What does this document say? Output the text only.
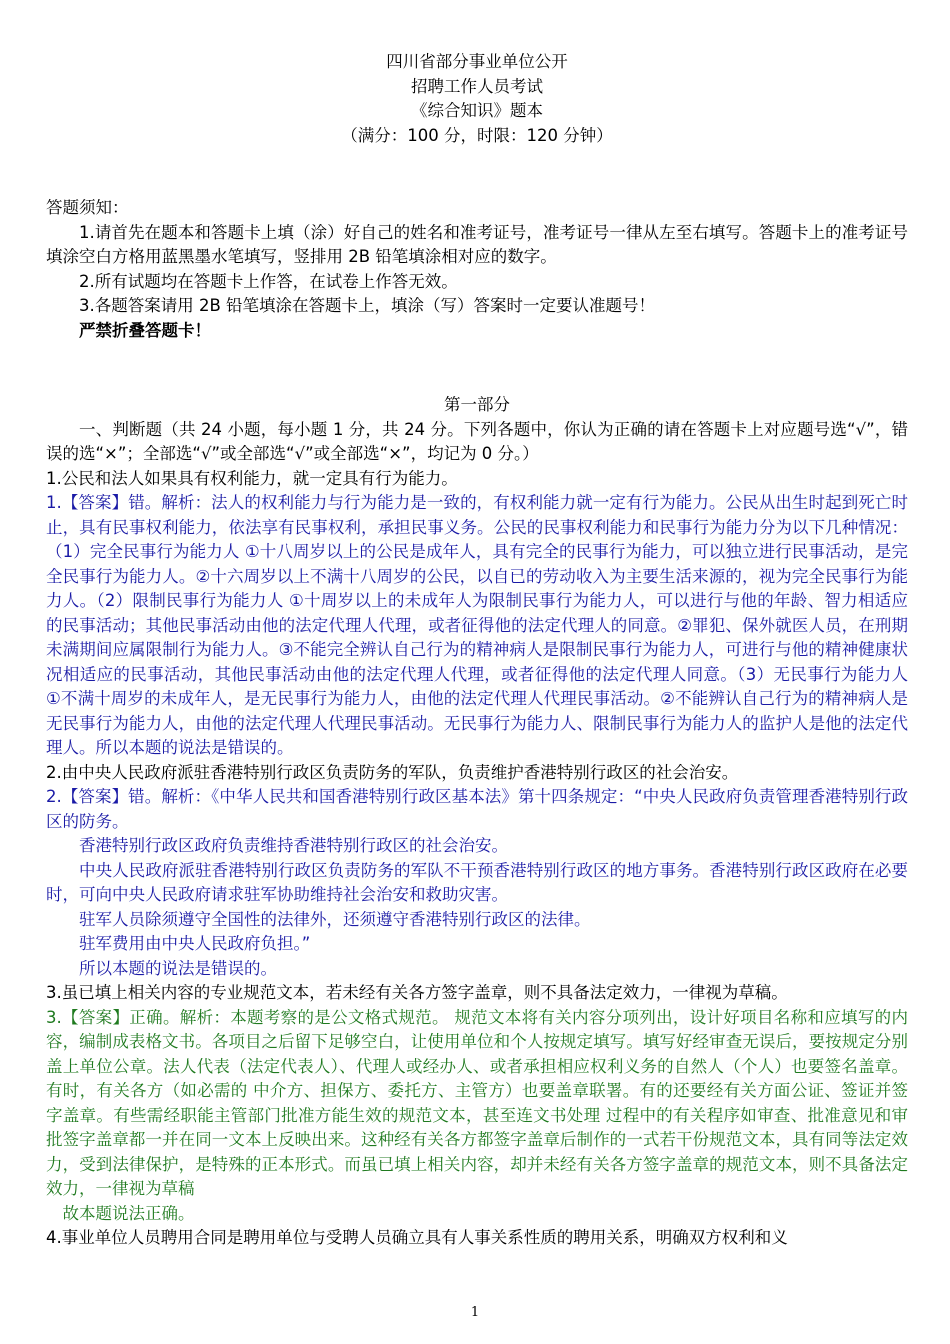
四川省部分事业单位公开
招聘工作人员考试
《综合知识》题本
（满分：100 分，时限：120 分钟）

答题须知：

1.请首先在题本和答题卡上填（涂）好自己的姓名和准考证号，准考证号一律从左至右填写。答题卡上的准考证号填涂空白方格用蓝黑墨水笔填写，竖排用 2B 铅笔填涂相对应的数字。

2.所有试题均在答题卡上作答，在试卷上作答无效。

3.各题答案请用 2B 铅笔填涂在答题卡上，填涂（写）答案时一定要认准题号！

严禁折叠答题卡！

第一部分

一、判断题（共 24 小题，每小题 1 分，共 24 分。下列各题中，你认为正确的请在答题卡上对应题号选“√”，错误的选“×”；全部选“√”或全部选“√”或全部选“×”，均记为 0 分。）

1.公民和法人如果具有权利能力，就一定具有行为能力。

1.【答案】错。解析：法人的权利能力与行为能力是一致的，有权利能力就一定有行为能力。公民从出生时起到死亡时止，具有民事权利能力，依法享有民事权利，承担民事义务。公民的民事权利能力和民事行为能力分为以下几种情况：（1）完全民事行为能力人 ①十八周岁以上的公民是成年人，具有完全的民事行为能力，可以独立进行民事活动，是完全民事行为能力人。②十六周岁以上不满十八周岁的公民，以自已的劳动收入为主要生活来源的，视为完全民事行为能力人。（2）限制民事行为能力人 ①十周岁以上的未成年人为限制民事行为能力人，可以进行与他的年龄、智力相适应的民事活动；其他民事活动由他的法定代理人代理，或者征得他的法定代理人的同意。②罪犯、保外就医人员，在刑期未满期间应属限制行为能力人。③不能完全辨认自己行为的精神病人是限制民事行为能力人，可进行与他的精神健康状况相适应的民事活动，其他民事活动由他的法定代理人代理，或者征得他的法定代理人同意。（3）无民事行为能力人 ①不满十周岁的未成年人，是无民事行为能力人，由他的法定代理人代理民事活动。②不能辨认自己行为的精神病人是无民事行为能力人，由他的法定代理人代理民事活动。无民事行为能力人、限制民事行为能力人的监护人是他的法定代理人。所以本题的说法是错误的。

2.由中央人民政府派驻香港特别行政区负责防务的军队，负责维护香港特别行政区的社会治安。

2.【答案】错。解析：《中华人民共和国香港特别行政区基本法》第十四条规定：“中央人民政府负责管理香港特别行政区的防务。

香港特别行政区政府负责维持香港特别行政区的社会治安。

中央人民政府派驻香港特别行政区负责防务的军队不干预香港特别行政区的地方事务。香港特别行政区政府在必要时，可向中央人民政府请求驻军协助维持社会治安和救助灾害。

驻军人员除须遵守全国性的法律外，还须遵守香港特别行政区的法律。

驻军费用由中央人民政府负担。”

所以本题的说法是错误的。

3.虽已填上相关内容的专业规范文本，若未经有关各方签字盖章，则不具备法定效力，一律视为草稿。

3.【答案】正确。解析：本题考察的是公文格式规范。 规范文本将有关内容分项列出，设计好项目名称和应填写的内容，编制成表格文书。各项目之后留下足够空白，让使用单位和个人按规定填写。填写好经审查无误后，要按规定分别盖上单位公章。法人代表（法定代表人）、代理人或经办人、或者承担相应权利义务的自然人（个人）也要签名盖章。有时，有关各方（如必需的 中介方、担保方、委托方、主管方）也要盖章联署。有的还要经有关方面公证、签证并签字盖章。有些需经职能主管部门批准方能生效的规范文本，甚至连文书处理 过程中的有关程序如审查、批准意见和审批签字盖章都一并在同一文本上反映出来。这种经有关各方都签字盖章后制作的一式若干份规范文本，具有同等法定效力，受到法律保护，是特殊的正本形式。而虽已填上相关内容，却并未经有关各方签字盖章的规范文本，则不具备法定效力，一律视为草稿

故本题说法正确。

4.事业单位人员聘用合同是聘用单位与受聘人员确立具有人事关系性质的聘用关系，明确双方权利和义

1
